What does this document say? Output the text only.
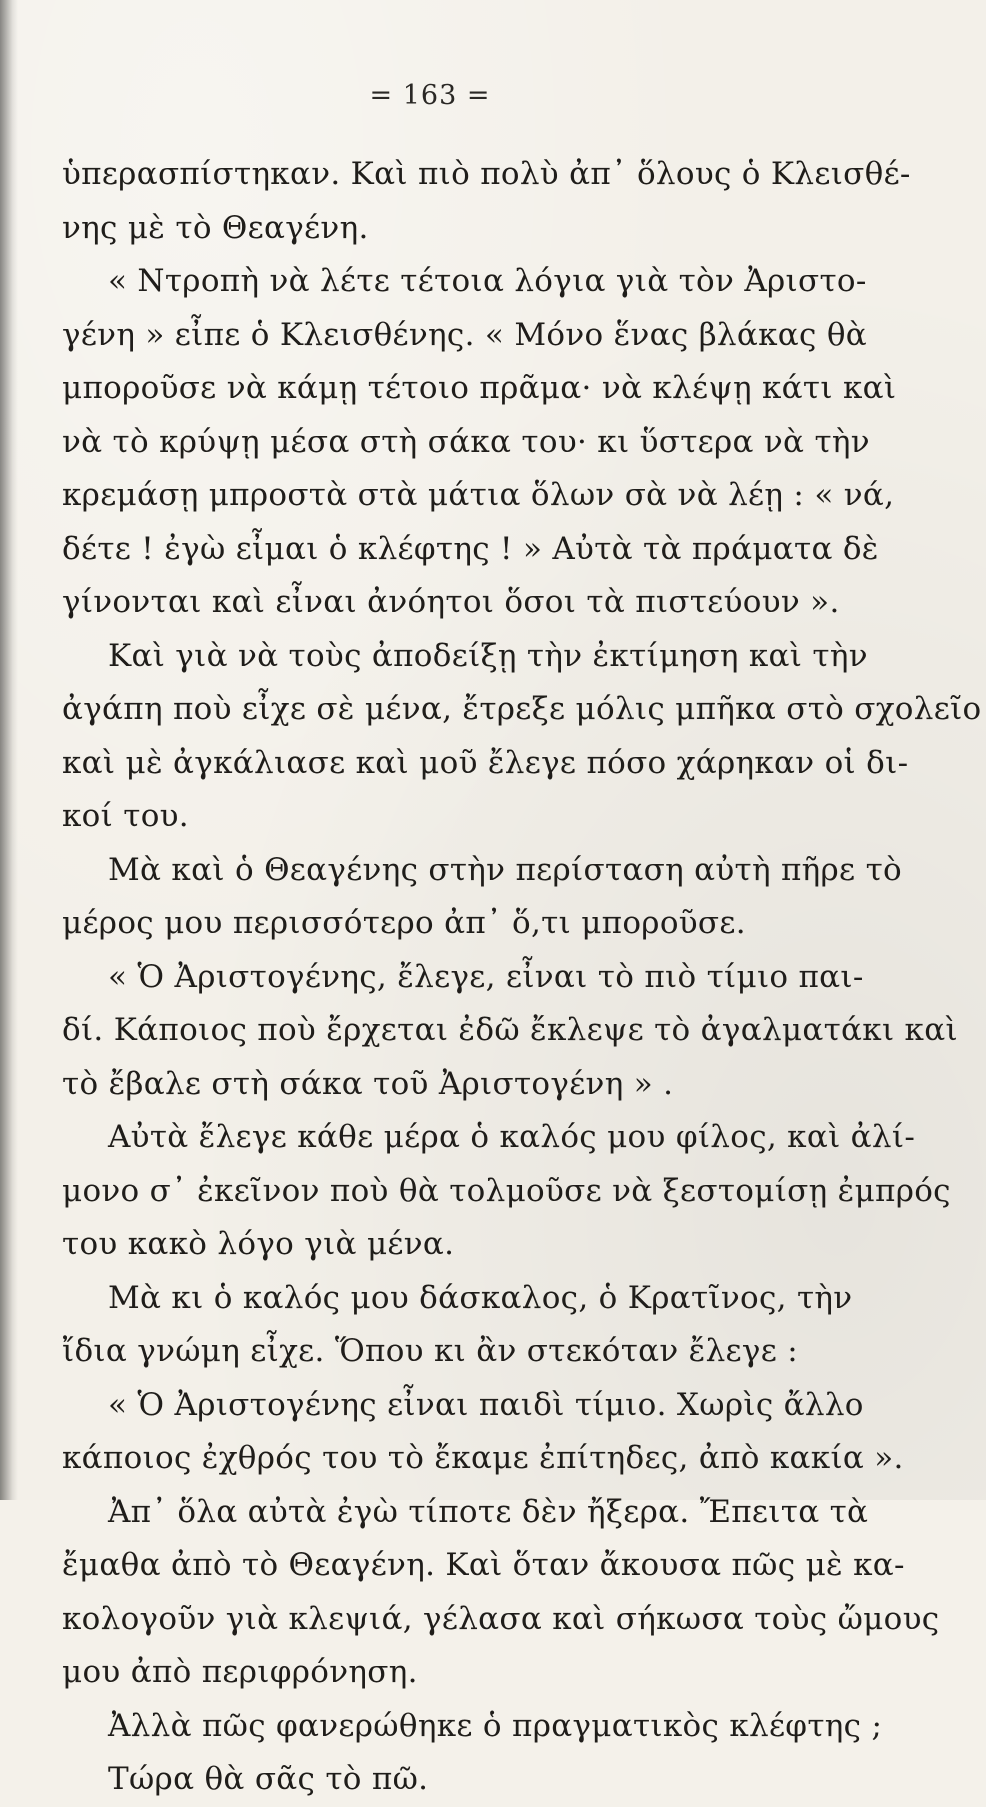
= 163 =
ὑπερασπίστηκαν. Καὶ πιὸ πολὺ ἀπ᾽ ὅλους ὁ Κλεισθέ-
νης μὲ τὸ Θεαγένη.
« Ντροπὴ νὰ λέτε τέτοια λόγια γιὰ τὸν Ἀριστο-
γένη » εἶπε ὁ Κλεισθένης. « Μόνο ἕνας βλάκας θὰ
μποροῦσε νὰ κάμῃ τέτοιο πρᾶμα· νὰ κλέψῃ κάτι καὶ
νὰ τὸ κρύψῃ μέσα στὴ σάκα του· κι ὕστερα νὰ τὴν
κρεμάσῃ μπροστὰ στὰ μάτια ὅλων σὰ νὰ λέῃ : « νά,
δέτε ! ἐγὼ εἶμαι ὁ κλέφτης ! » Αὐτὰ τὰ πράματα δὲ
γίνονται καὶ εἶναι ἀνόητοι ὅσοι τὰ πιστεύουν ».
Καὶ γιὰ νὰ τοὺς ἀποδείξῃ τὴν ἐκτίμηση καὶ τὴν
ἀγάπη ποὺ εἶχε σὲ μένα, ἔτρεξε μόλις μπῆκα στὸ σχολεῖο
καὶ μὲ ἀγκάλιασε καὶ μοῦ ἔλεγε πόσο χάρηκαν οἱ δι-
κοί του.
Μὰ καὶ ὁ Θεαγένης στὴν περίσταση αὐτὴ πῆρε τὸ
μέρος μου περισσότερο ἀπ᾽ ὅ,τι μποροῦσε.
« Ὁ Ἀριστογένης, ἔλεγε, εἶναι τὸ πιὸ τίμιο παι-
δί. Κάποιος ποὺ ἔρχεται ἐδῶ ἔκλεψε τὸ ἀγαλματάκι καὶ
τὸ ἔβαλε στὴ σάκα τοῦ Ἀριστογένη » .
Αὐτὰ ἔλεγε κάθε μέρα ὁ καλός μου φίλος, καὶ ἀλί-
μονο σ᾽ ἐκεῖνον ποὺ θὰ τολμοῦσε νὰ ξεστομίσῃ ἐμπρός
του κακὸ λόγο γιὰ μένα.
Μὰ κι ὁ καλός μου δάσκαλος, ὁ Κρατῖνος, τὴν
ἴδια γνώμη εἶχε. Ὅπου κι ἂν στεκόταν ἔλεγε :
« Ὁ Ἀριστογένης εἶναι παιδὶ τίμιο. Χωρὶς ἄλλο
κάποιος ἐχθρός του τὸ ἔκαμε ἐπίτηδες, ἀπὸ κακία ».
Ἀπ᾽ ὅλα αὐτὰ ἐγὼ τίποτε δὲν ἤξερα. Ἔπειτα τὰ
ἔμαθα ἀπὸ τὸ Θεαγένη. Καὶ ὅταν ἄκουσα πῶς μὲ κα-
κολογοῦν γιὰ κλεψιά, γέλασα καὶ σήκωσα τοὺς ὤμους
μου ἀπὸ περιφρόνηση.
Ἀλλὰ πῶς φανερώθηκε ὁ πραγματικὸς κλέφτης ;
Τώρα θὰ σᾶς τὸ πῶ.
